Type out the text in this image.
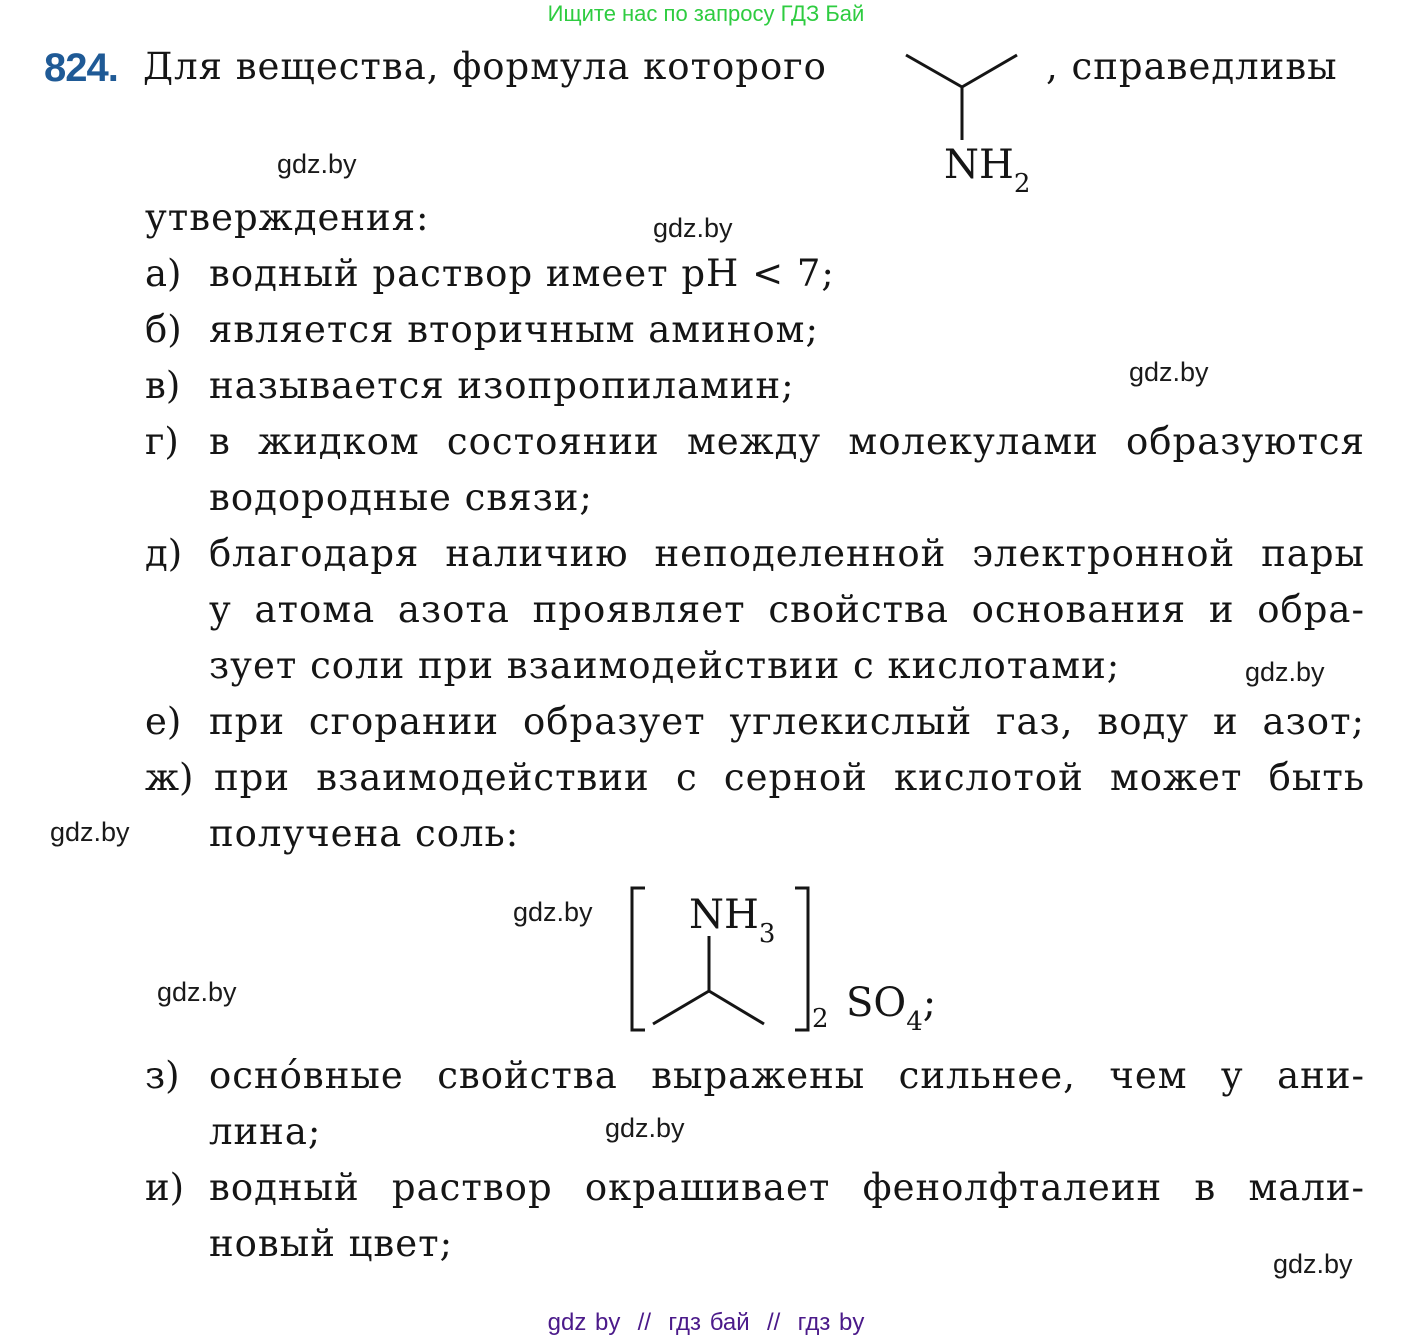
Ищите нас по запросу ГДЗ Бай
824. Для вещества, формула которого
$NH_2$
, справедливы
утверждения:
а) водный раствор имеет pH < 7;
б) является вторичным амином;
в) называется изопропиламин;
г) в жидком состоянии между молекулами образуются
водородные связи;
д) благодаря наличию неподеленной электронной пары
у атома азота проявляет свойства основания и обра-
зует соли при взаимодействии с кислотами;
е) при сгорании образует углекислый газ, воду и азот;
ж) при взаимодействии с серной кислотой может быть
получена соль:
$NH_3$
2 $SO_4$;
з) осно́вные свойства выражены сильнее, чем у ани-
лина;
и) водный раствор окрашивает фенолфталеин в мали-
новый цвет;
gdz.by
gdz.by
gdz.by
gdz.by
gdz.by
gdz.by
gdz.by
gdz.by
gdz.by
gdz by  //  гдз бай  //  гдз by
